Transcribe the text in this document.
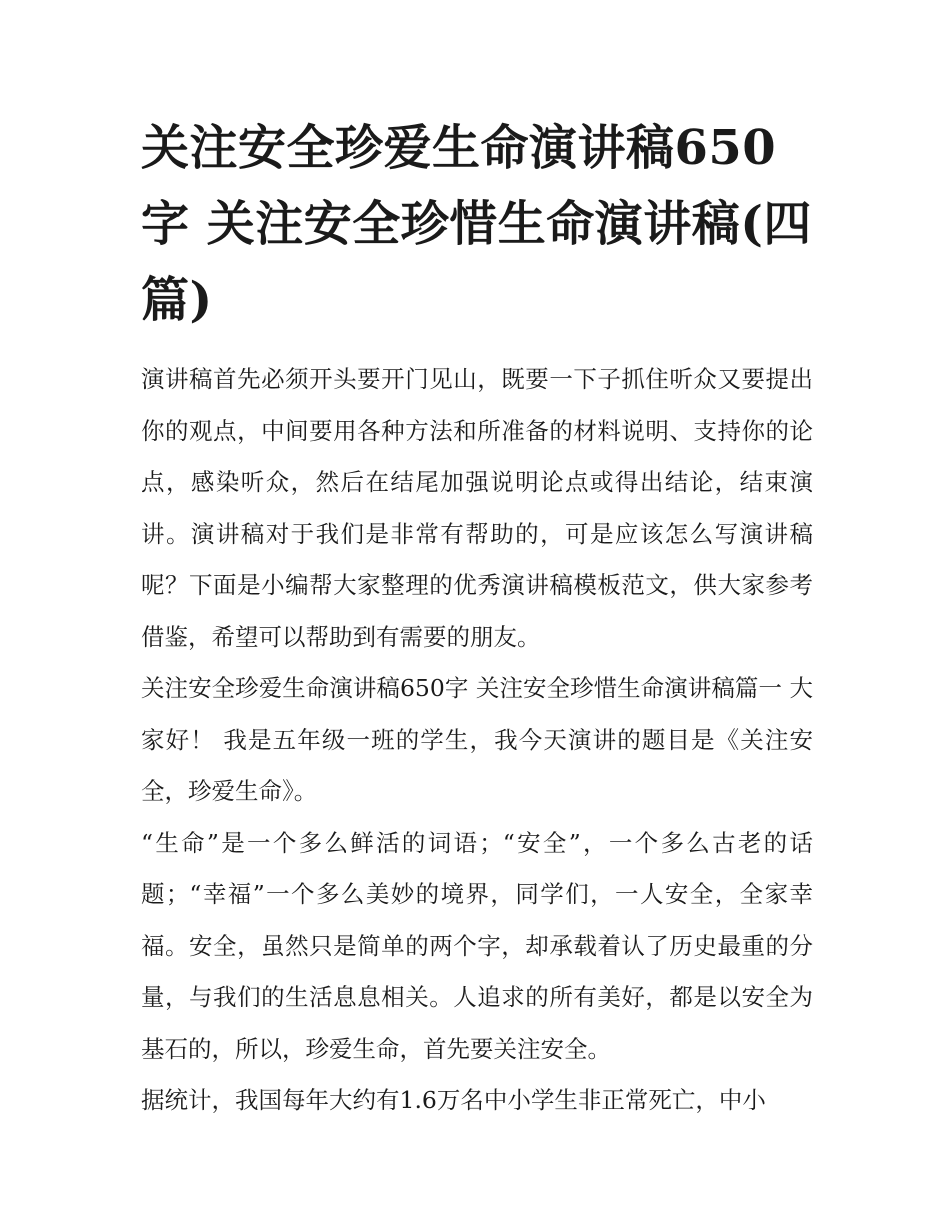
关注安全珍爱生命演讲稿650字 关注安全珍惜生命演讲稿(四篇)

演讲稿首先必须开头要开门见山，既要一下子抓住听众又要提出你的观点，中间要用各种方法和所准备的材料说明、支持你的论点，感染听众，然后在结尾加强说明论点或得出结论，结束演讲。演讲稿对于我们是非常有帮助的，可是应该怎么写演讲稿呢？下面是小编帮大家整理的优秀演讲稿模板范文，供大家参考借鉴，希望可以帮助到有需要的朋友。

关注安全珍爱生命演讲稿650字 关注安全珍惜生命演讲稿篇一 大家好！ 我是五年级一班的学生，我今天演讲的题目是《关注安全，珍爱生命》。

“生命”是一个多么鲜活的词语；“安全”，一个多么古老的话题；“幸福”一个多么美妙的境界，同学们，一人安全，全家幸福。安全，虽然只是简单的两个字，却承载着认了历史最重的分量，与我们的生活息息相关。人追求的所有美好，都是以安全为基石的，所以，珍爱生命，首先要关注安全。

据统计，我国每年大约有1.6万名中小学生非正常死亡，中小
